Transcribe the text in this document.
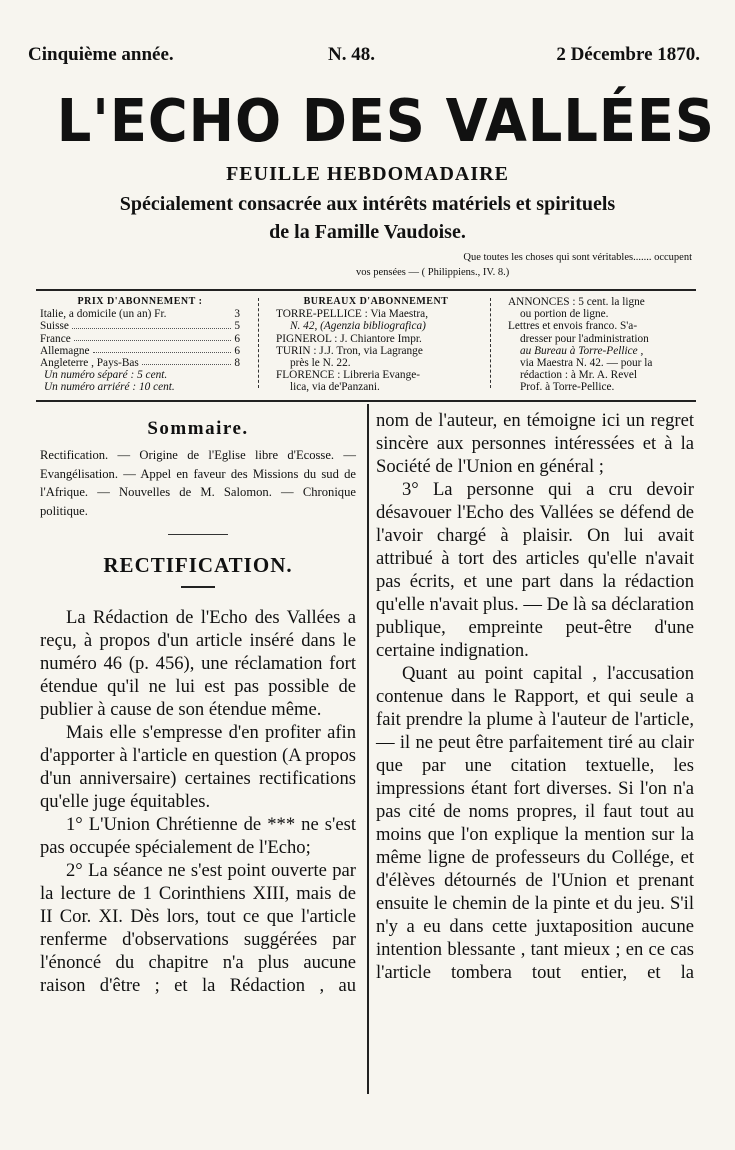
Cinquième année.	N. 48.	2 Décembre 1870.
L'ECHO DES VALLÉES
FEUILLE HEBDOMADAIRE
Spécialement consacrée aux intérêts matériels et spirituels
de la Famille Vaudoise.
Que toutes les choses qui sont véritables....... occupent
vos pensées — ( Philippiens., IV. 8.)
PRIX D'ABONNEMENT :
Italie, a domicile (un an) Fr.	3
Suisse	5
France	6
Allemagne	6
Angleterre , Pays-Bas	8
Un numéro séparé : 5 cent.
Un numéro arriéré : 10 cent.
BUREAUX D'ABONNEMENT
TORRE-PELLICE : Via Maestra,
N. 42, (Agenzia bibliografica)
PIGNEROL : J. Chiantore Impr.
TURIN : J.J. Tron, via Lagrange
près le N. 22.
FLORENCE : Libreria Evange-
lica, via de'Panzani.
ANNONCES : 5 cent. la ligne
ou portion de ligne.
Lettres et envois franco. S'a-
dresser pour l'administration
au Bureau à Torre-Pellice ,
via Maestra N. 42. — pour la
rédaction : à Mr. A. Revel
Prof. à Torre-Pellice.
Sommaire.
Rectification. — Origine de l'Eglise libre d'Ecosse. — Evangélisation. — Appel en faveur des Missions du sud de l'Afrique. — Nouvelles de M. Salomon. — Chronique politique.
RECTIFICATION.

La Rédaction de l'Echo des Vallées a reçu, à propos d'un article inséré dans le numéro 46 (p. 456), une réclamation fort étendue qu'il ne lui est pas possible de publier à cause de son étendue même.

Mais elle s'empresse d'en profiter afin d'apporter à l'article en question (A propos d'un anniversaire) certaines rectifications qu'elle juge équitables.

1° L'Union Chrétienne de *** ne s'est pas occupée spécialement de l'Echo;

2° La séance ne s'est point ouverte par la lecture de 1 Corinthiens XIII, mais de II Cor. XI. Dès lors, tout ce que l'article renferme d'observations suggérées par l'énoncé du chapitre n'a plus aucune raison d'être ; et la Rédaction , au

nom de l'auteur, en témoigne ici un regret sincère aux personnes intéressées et à la Société de l'Union en général ;

3° La personne qui a cru devoir désavouer l'Echo des Vallées se défend de l'avoir chargé à plaisir. On lui avait attribué à tort des articles qu'elle n'avait pas écrits, et une part dans la rédaction qu'elle n'avait plus. — De là sa déclaration publique, empreinte peut-être d'une certaine indignation.

Quant au point capital , l'accusation contenue dans le Rapport, et qui seule a fait prendre la plume à l'auteur de l'article, — il ne peut être parfaitement tiré au clair que par une citation textuelle, les impressions étant fort diverses. Si l'on n'a pas cité de noms propres, il faut tout au moins que l'on explique la mention sur la même ligne de professeurs du Collége, et d'élèves détournés de l'Union et prenant ensuite le chemin de la pinte et du jeu. S'il n'y a eu dans cette juxtaposition aucune intention blessante , tant mieux ; en ce cas l'article tombera tout entier, et la
